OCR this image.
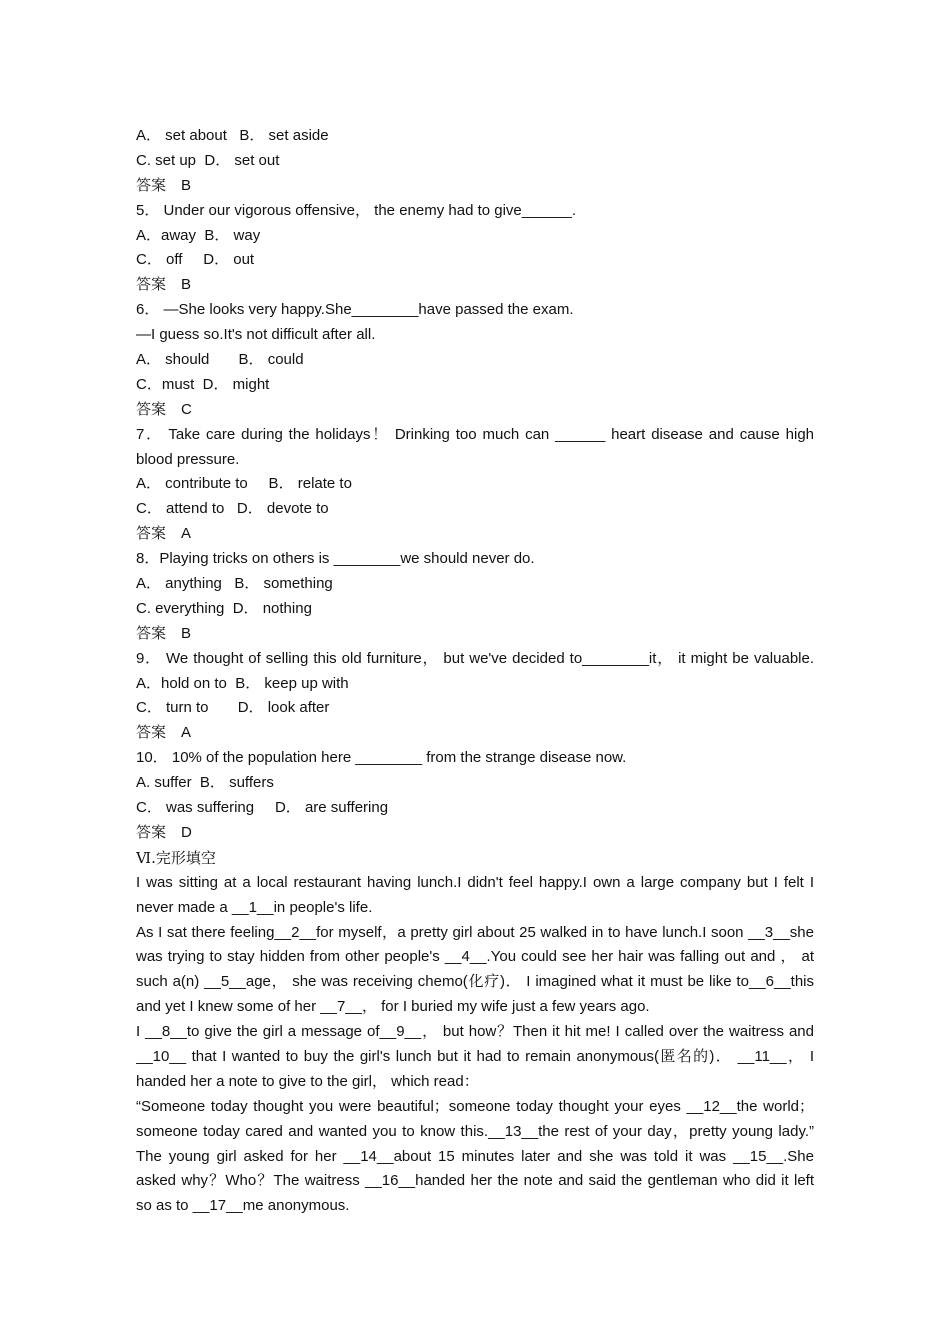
A． set about   B． set aside
C. set up  D． set out
答案　B
5． Under our vigorous offensive， the enemy had to give______.
A．away  B． way
C． off     D． out
答案　B
6． —She looks very happy.She________have passed the exam.
—I guess so.It's not difficult after all.
A． should       B． could
C．must  D． might
答案　C
7． Take care during the holidays！ Drinking too much can ______ heart disease and cause high
blood pressure.
A． contribute to     B． relate to
C． attend to   D． devote to
答案　A
8．Playing tricks on others is ________we should never do.
A． anything   B． something
C. everything  D． nothing
答案　B
9． We thought of selling this old furniture， but we've decided to________it， it might be valuable.
A．hold on to  B． keep up with
C． turn to       D． look after
答案　A
10． 10% of the population here ________ from the strange disease now.
A. suffer  B． suffers
C． was suffering     D． are suffering
答案　D
Ⅵ.完形填空
I was sitting at a local restaurant having lunch.I didn't feel happy.I own a large company but I felt I
never made a __1__in people's life.
As I sat there feeling__2__for myself，a pretty girl about 25 walked in to have lunch.I soon __3__she
was trying to stay hidden from other people's __4__.You could see her hair was falling out and ， at
such a(n) __5__age， she was receiving chemo(化疗)． I imagined what it must be like to__6__this
and yet I knew some of her __7__， for I buried my wife just a few years ago.
I __8__to give the girl a message of__9__， but how？Then it hit me! I called over the waitress and
__10__ that I wanted to buy the girl's lunch but it had to remain anonymous(匿名的)． __11__， I
handed her a note to give to the girl， which read：
“Someone today thought you were beautiful；someone today thought your eyes __12__the world；
someone today cared and wanted you to know this.__13__the rest of your day，pretty young lady.”
The young girl asked for her __14__about 15 minutes later and she was told it was __15__.She
asked why？Who？The waitress __16__handed her the note and said the gentleman who did it left
so as to __17__me anonymous.
